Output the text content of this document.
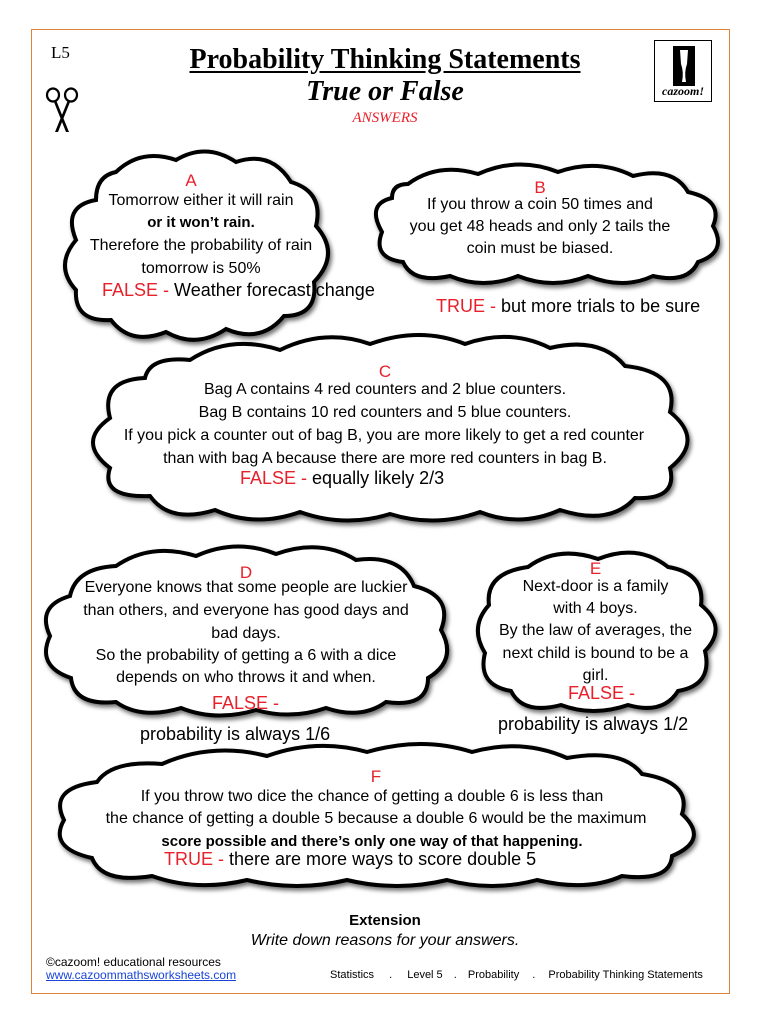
L5	Probability Thinking Statements
True or False
ANSWERS
cazoom!
A
Tomorrow either it will rain
or it won’t rain.
Therefore the probability of rain
tomorrow is 50%
FALSE - Weather forecast change
B
If you throw a coin 50 times and
you get 48 heads and only 2 tails the
coin must be biased.
TRUE - but more trials to be sure
C
Bag A contains 4 red counters and 2 blue counters.
Bag B contains 10 red counters and 5 blue counters.
If you pick a counter out of bag B, you are more likely to get a red counter
than with bag A because there are more red counters in bag B.
FALSE - equally likely 2/3
D
Everyone knows that some people are luckier
than others, and everyone has good days and
bad days.
So the probability of getting a 6 with a dice
depends on who throws it and when.
FALSE -
probability is always 1/6
E
Next-door is a family
with 4 boys.
By the law of averages, the
next child is bound to be a
girl.
FALSE -
probability is always 1/2
F
If you throw two dice the chance of getting a double 6 is less than
the chance of getting a double 5 because a double 6 would be the maximum
score possible and there’s only one way of that happening.
TRUE - there are more ways to score double 5
Extension
Write down reasons for your answers.
©cazoom! educational resources
www.cazoommathsworksheets.com	Statistics . Level 5 . Probability . Probability Thinking Statements
